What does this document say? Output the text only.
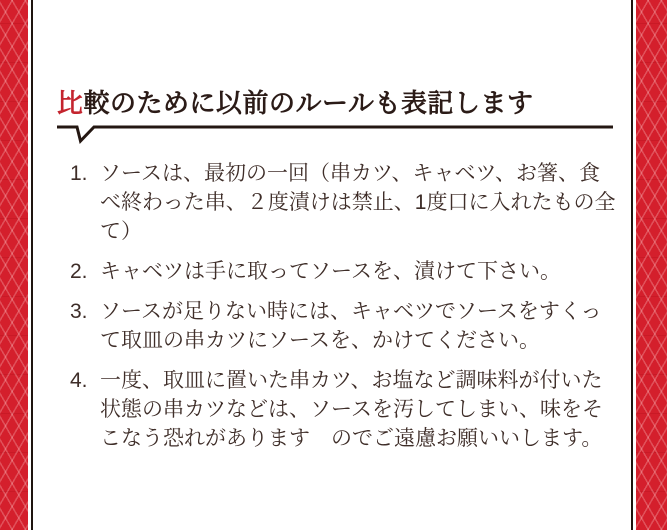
比較のために以前のルールも表記します
1. ソースは、最初の一回（串カツ、キャベツ、お箸、食
べ終わった串、２度漬けは禁止、1度口に入れたもの全
て）
2. キャベツは手に取ってソースを、漬けて下さい。
3. ソースが足りない時には、キャベツでソースをすくっ
て取皿の串カツにソースを、かけてください。
4. 一度、取皿に置いた串カツ、お塩など調味料が付いた
状態の串カツなどは、ソースを汚してしまい、味をそ
こなう恐れがあります　のでご遠慮お願いいします。
